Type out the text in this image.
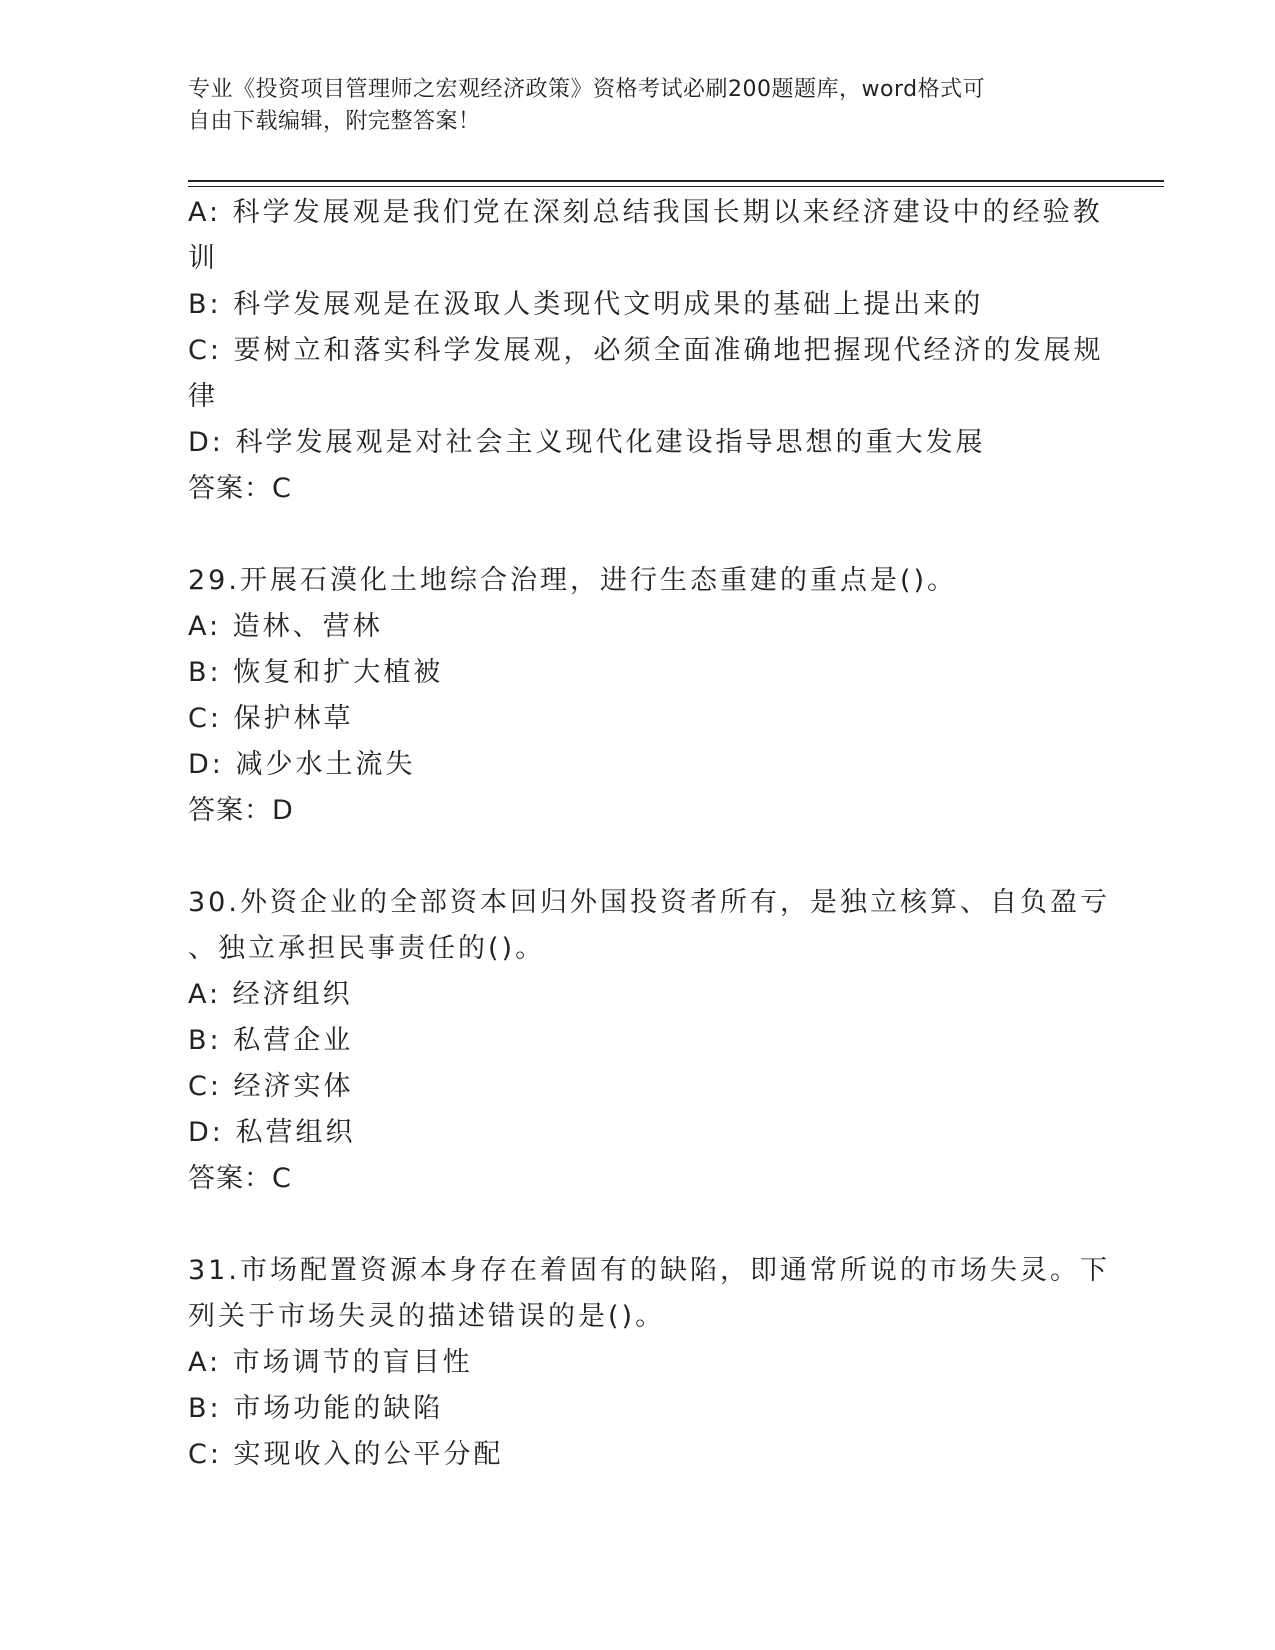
专业《投资项目管理师之宏观经济政策》资格考试必刷200题题库，word格式可
自由下载编辑，附完整答案！
A: 科学发展观是我们党在深刻总结我国长期以来经济建设中的经验教
训
B: 科学发展观是在汲取人类现代文明成果的基础上提出来的
C: 要树立和落实科学发展观，必须全面准确地把握现代经济的发展规
律
D: 科学发展观是对社会主义现代化建设指导思想的重大发展
答案：C
29.开展石漠化土地综合治理，进行生态重建的重点是()。
A: 造林、营林
B: 恢复和扩大植被
C: 保护林草
D: 减少水土流失
答案：D
30.外资企业的全部资本回归外国投资者所有，是独立核算、自负盈亏
、独立承担民事责任的()。
A: 经济组织
B: 私营企业
C: 经济实体
D: 私营组织
答案：C
31.市场配置资源本身存在着固有的缺陷，即通常所说的市场失灵。下
列关于市场失灵的描述错误的是()。
A: 市场调节的盲目性
B: 市场功能的缺陷
C: 实现收入的公平分配
